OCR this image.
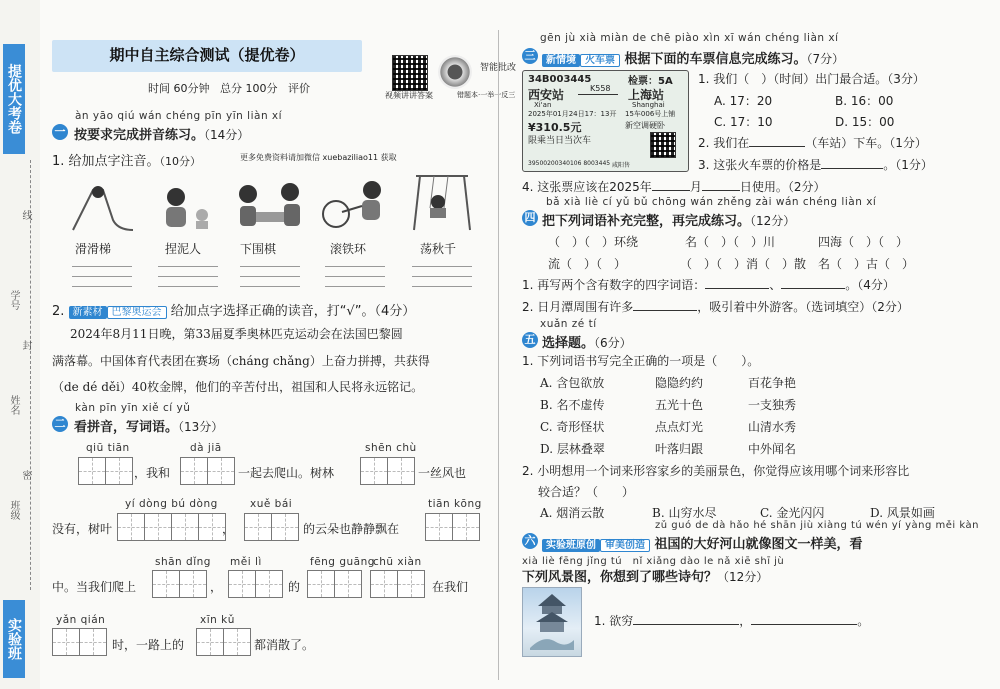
提优大考卷
实验班
线
封
密
学号
姓名
班级
期中自主综合测试（提优卷）
时间 60分钟 总分 100分 评价
视频讲讲答案
智能批改
错题本·一举一反三
更多免费资料请加微信 xuebaziliao11 获取
àn yāo qiú wán chéng pīn yīn liàn xí
一 按要求完成拼音练习。（14分）
1. 给加点字注音。（10分）
滑滑梯	捏泥人	下围棋	滚铁环	荡秋千
2. 新素材 巴黎奥运会 给加点字选择正确的读音，打“√”。（4分）
2024年8月11日晚，第33届夏季奥林匹克运动会在法国巴黎圆
满落幕。中国体育代表团在赛场（cháng chǎng）上奋力拼搏，共获得
（de dé děi）40枚金牌，他们的辛苦付出，祖国和人民将永远铭记。
kàn pīn yīn xiě cí yǔ
二 看拼音，写词语。（13分）
qiū tiān
，我和
dà jiā
一起去爬山。树林
shēn chù
一丝风也
没有，树叶
yí dòng bú dòng
，
xuě bái
的云朵也静静飘在
tiān kōng
中。当我们爬上
shān dǐng
，
měi lì
的
fēng guāng
chū xiàn
在我们
yǎn qián
时，一路上的
xīn kǔ
都消散了。
gēn jù xià miàn de chē piào xìn xī wán chéng liàn xí
三	新情境 火车票 根据下面的车票信息完成练习。（7分）
34B003445	检票：5A
西安站
Xi'an
K558 上海站
Shanghai
2025年01月24日17：13开 15车006号上铺
¥310.5元	新空调硬卧
限乘当日当次车
39500200340106 8003445 咸阳售
1. 我们（　）（时间）出门最合适。（3分）
A. 17：20	B. 16：00
C. 17：10	D. 15：00
2. 我们在	（车站）下车。（1分）
3. 这张火车票的价格是	。（1分）
4. 这张票应该在2025年	月	日使用。（2分）
bǎ xià liè cí yǔ bǔ chōng wán zhěng zài wán chéng liàn xí
四 把下列词语补充完整，再完成练习。（12分）
（　）（　）环绕	名（　）（　）川	四海（　）（　）
流（　）（　）	（　）（　）消（　）散 名（　）古（　）
1. 再写两个含有数字的四字词语：	、	。（4分）
2. 日月潭周围有许多	，吸引着中外游客。（选词填空）（2分）
xuǎn zé tí
五 选择题。（6分）
1. 下列词语书写完全正确的一项是（　　）。
A. 含包欲放	隐隐约约	百花争艳
B. 名不虚传	五光十色	一支独秀
C. 奇形怪状	点点灯光	山清水秀
D. 层林叠翠	叶落归跟	中外闻名
2. 小明想用一个词来形容家乡的美丽景色，你觉得应该用哪个词来形容比
较合适？（　　）
A. 烟消云散	B. 山穷水尽	C. 金光闪闪	D. 风景如画
zǔ guó de dà hǎo hé shān jiù xiàng tú wén yí yàng měi kàn
六	实验班原创 审美创造 祖国的大好河山就像图文一样美，看
xià liè fēng jǐng tú　nǐ xiǎng dào le nǎ xiē shī jù
下列风景图，你想到了哪些诗句？（12分）
1. 欲穷	，	。
